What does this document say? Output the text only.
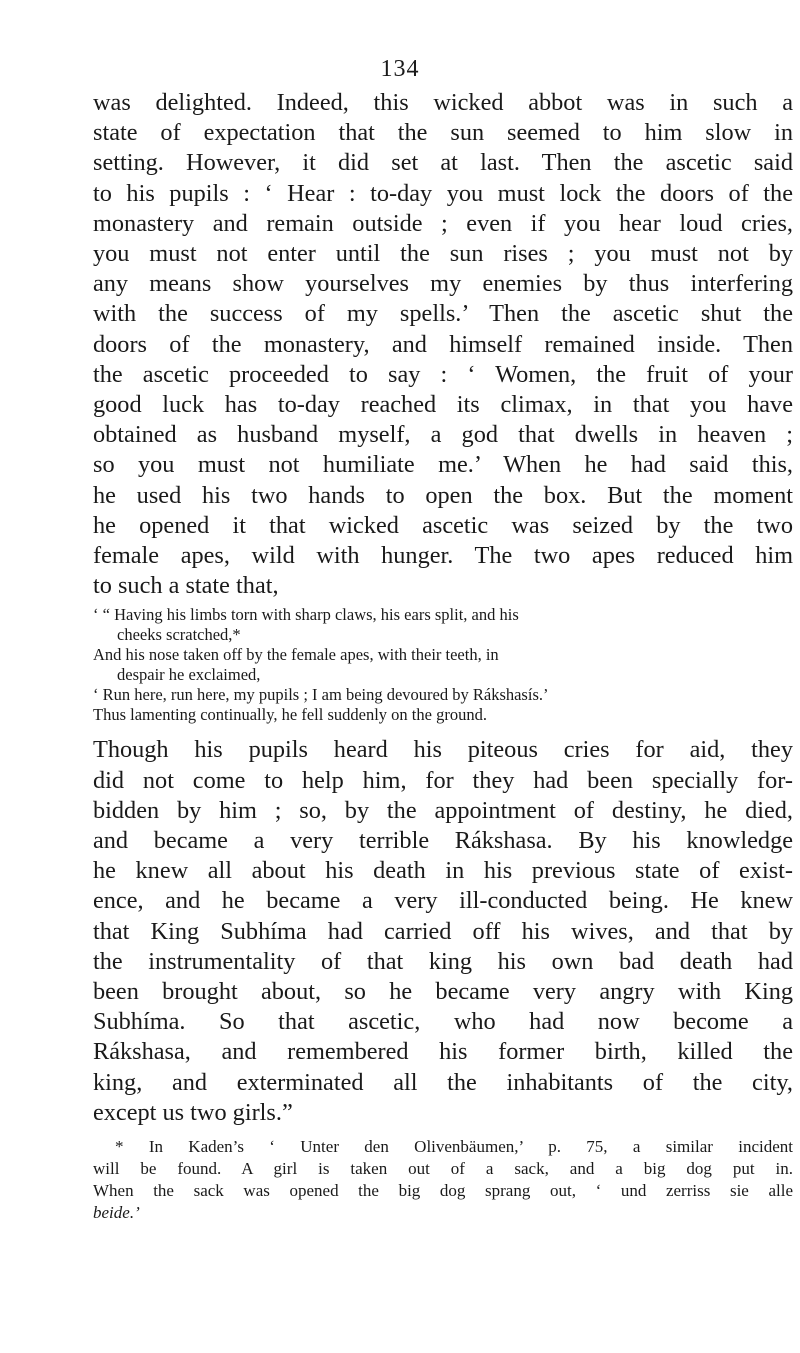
134

was delighted. Indeed, this wicked abbot was in such a
state of expectation that the sun seemed to him slow in
setting. However, it did set at last. Then the ascetic said
to his pupils : ‘ Hear : to-day you must lock the doors of the
monastery and remain outside ; even if you hear loud cries,
you must not enter until the sun rises ; you must not by
any means show yourselves my enemies by thus interfering
with the success of my spells.’ Then the ascetic shut the
doors of the monastery, and himself remained inside. Then
the ascetic proceeded to say : ‘ Women, the fruit of your
good luck has to-day reached its climax, in that you have
obtained as husband myself, a god that dwells in heaven ;
so you must not humiliate me.’ When he had said this,
he used his two hands to open the box. But the moment
he opened it that wicked ascetic was seized by the two
female apes, wild with hunger. The two apes reduced him
to such a state that,

‘ “ Having his limbs torn with sharp claws, his ears split, and his
cheeks scratched,*
And his nose taken off by the female apes, with their teeth, in
despair he exclaimed,
‘ Run here, run here, my pupils ; I am being devoured by Rákshasís.’
Thus lamenting continually, he fell suddenly on the ground.

Though his pupils heard his piteous cries for aid, they
did not come to help him, for they had been specially for-
bidden by him ; so, by the appointment of destiny, he died,
and became a very terrible Rákshasa. By his knowledge
he knew all about his death in his previous state of exist-
ence, and he became a very ill-conducted being. He knew
that King Subhíma had carried off his wives, and that by
the instrumentality of that king his own bad death had
been brought about, so he became very angry with King
Subhíma. So that ascetic, who had now become a
Rákshasa, and remembered his former birth, killed the
king, and exterminated all the inhabitants of the city,
except us two girls.”

* In Kaden’s ‘ Unter den Olivenbäumen,’ p. 75, a similar incident
will be found. A girl is taken out of a sack, and a big dog put in.
When the sack was opened the big dog sprang out, ‘ und zerriss sie alle
beide.’
